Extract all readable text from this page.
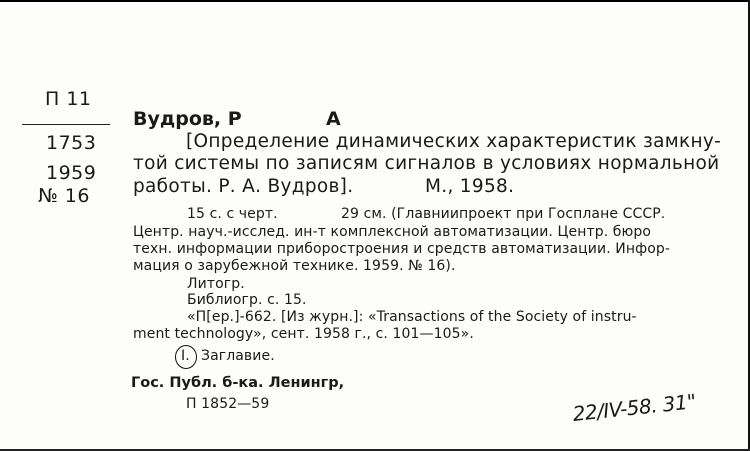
П 11
1753
1959
№ 16
Вудров, Р	А
[Определение динамических характеристик замкну-
той системы по записям сигналов в условиях нормальной
работы. Р. А. Вудров].	М., 1958.
15 с. с черт.	29 см. (Главниипроект при Госплане СССР.
Центр. науч.-исслед. ин-т комплексной автоматизации. Центр. бюро
техн. информации приборостроения и средств автоматизации. Инфор-
мация о зарубежной технике. 1959. № 16).
Литогр.
Библиогр. с. 15.
«П[ер.]-662. [Из журн.]: «Transactions of the Society of instru-
ment technology», сент. 1958 г., с. 101—105».
I. Заглавие.
Гос. Публ. б-ка. Ленингр,
П 1852—59	22/IV-58. 31"
